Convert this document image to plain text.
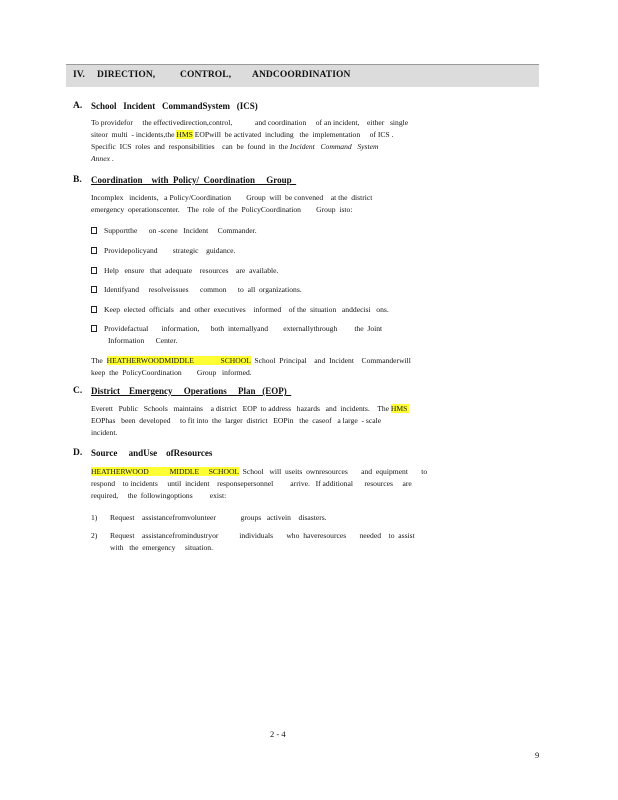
IV. DIRECTION,	CONTROL, ANDCOORDINATION
A. School   Incident   CommandSystem   (ICS)
To providefor     the effectivedirection,control,            and coordination     of an incident,    either   single
siteor  multi  - incidents,the HMS EOPwill  be activated  including   the  implementation     of ICS .
Specific  ICS  roles  and  responsibilities    can  be  found  in  the Incident   Command   System
Annex .
B. Coordination    with  Policy/  Coordination     Group
Incomplex   incidents,   a Policy/Coordination        Group  will  be convened    at the  district
emergency  operationscenter.    The  role  of  the  PolicyCoordination        Group  isto:
Supportthe      on -scene   Incident     Commander.
Providepolicyand        strategic    guidance.
Help   ensure   that  adequate    resources    are  available.
Identifyand     resolveissues      common      to  all  organizations.
Keep  elected  officials   and  other  executives    informed    of the  situation   anddecisi   ons.
Providefactual       information,      both  internallyand        externallythrough         the  Joint
Information      Center.
The  HEATHERWOODMIDDLE              SCHOOL  School  Principal    and  Incident    Commanderwill
keep  the  PolicyCoordination        Group   informed.
C. District    Emergency     Operations     Plan   (EOP)
Everett   Public   Schools   maintains    a district   EOP  to address   hazards   and  incidents.    The HMS
EOPhas   been  developed     to fit into  the  larger  district   EOPin   the  caseof   a large  - scale
incident.
D. Source     andUse    ofResources
HEATHERWOOD           MIDDLE     SCHOOL  School   will  useits  ownresources       and  equipment       to
respond    to incidents     until  incident    responsepersonnel         arrive.   If additional      resources     are
required,     the  followingoptions         exist:
1) Request    assistancefromvolunteer             groups   activein    disasters.
2) Request    assistancefromindustryor           individuals       who  haveresources       needed    to  assist
with   the  emergency     situation.
2 - 4
9
